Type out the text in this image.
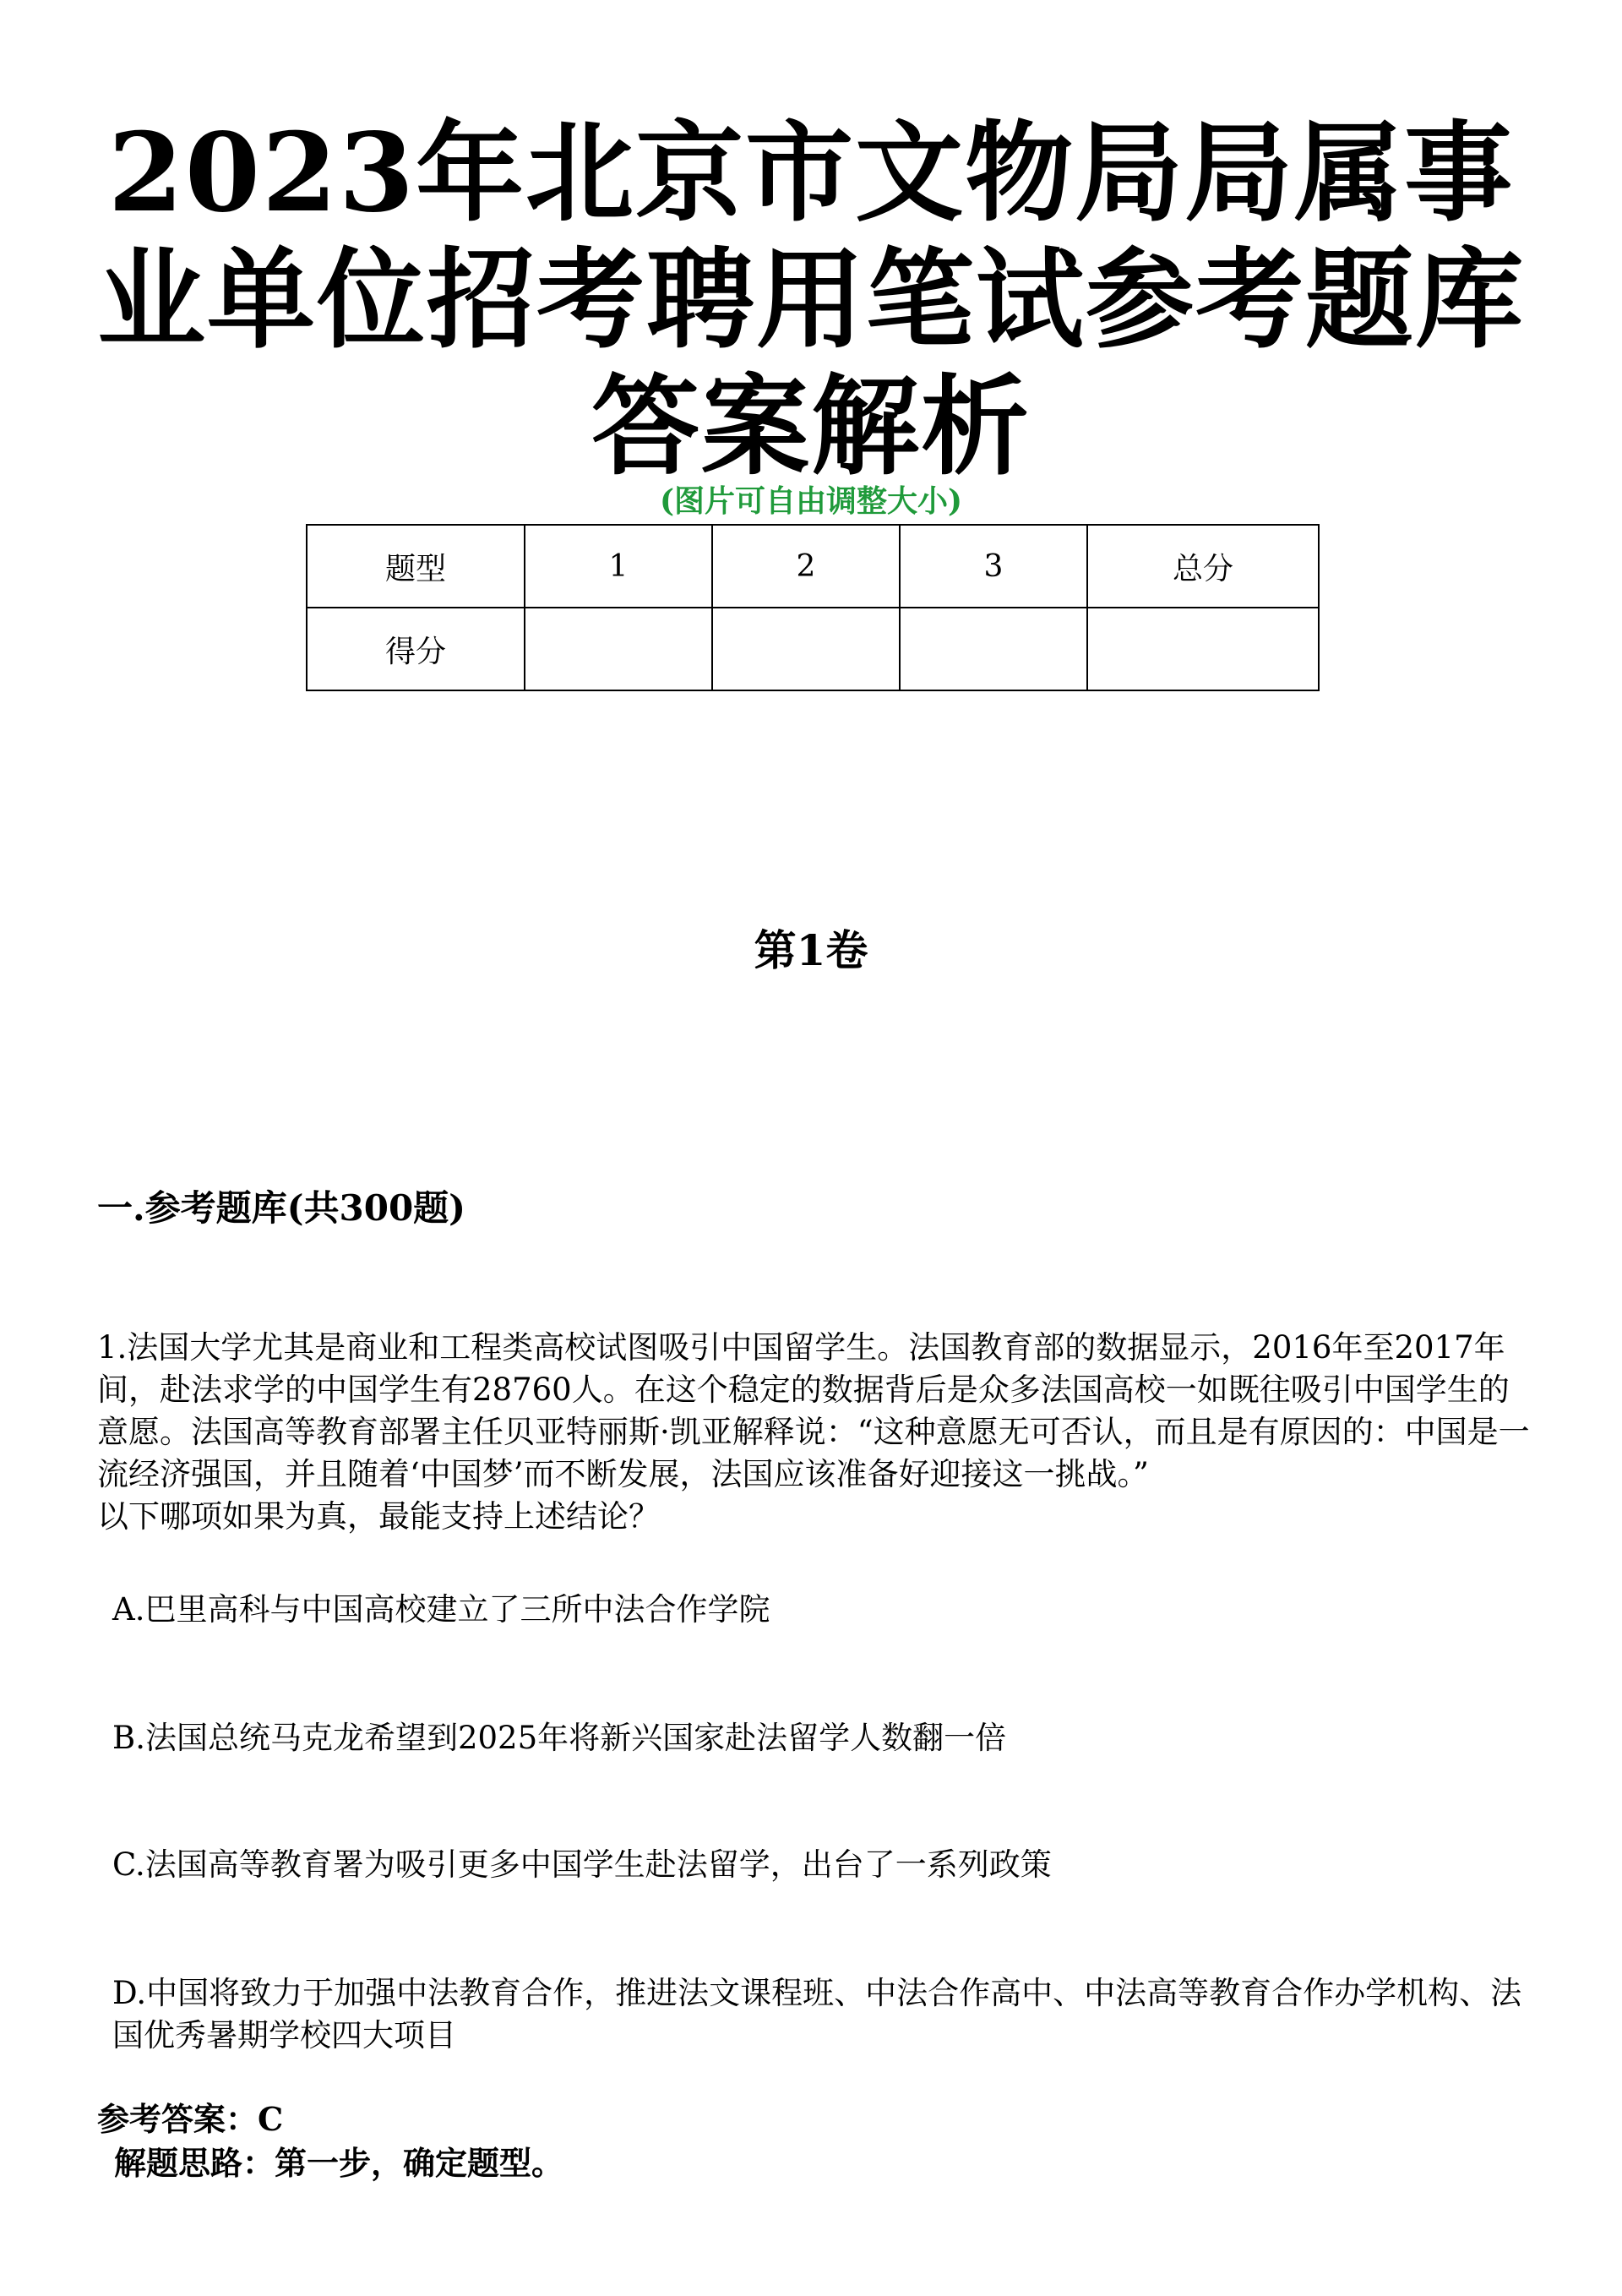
2023年北京市文物局局属事业单位招考聘用笔试参考题库答案解析
(图片可自由调整大小)
题型	1	2	3	总分
得分				
第1卷
一.参考题库(共300题)
1.法国大学尤其是商业和工程类高校试图吸引中国留学生。法国教育部的数据显示，2016年至2017年间，赴法求学的中国学生有28760人。在这个稳定的数据背后是众多法国高校一如既往吸引中国学生的意愿。法国高等教育部署主任贝亚特丽斯·凯亚解释说：“这种意愿无可否认，而且是有原因的：中国是一流经济强国，并且随着‘中国梦’而不断发展，法国应该准备好迎接这一挑战。”
以下哪项如果为真，最能支持上述结论？
A.巴里高科与中国高校建立了三所中法合作学院
B.法国总统马克龙希望到2025年将新兴国家赴法留学人数翻一倍
C.法国高等教育署为吸引更多中国学生赴法留学，出台了一系列政策
D.中国将致力于加强中法教育合作，推进法文课程班、中法合作高中、中法高等教育合作办学机构、法国优秀暑期学校四大项目
参考答案：C
解题思路：第一步，确定题型。
